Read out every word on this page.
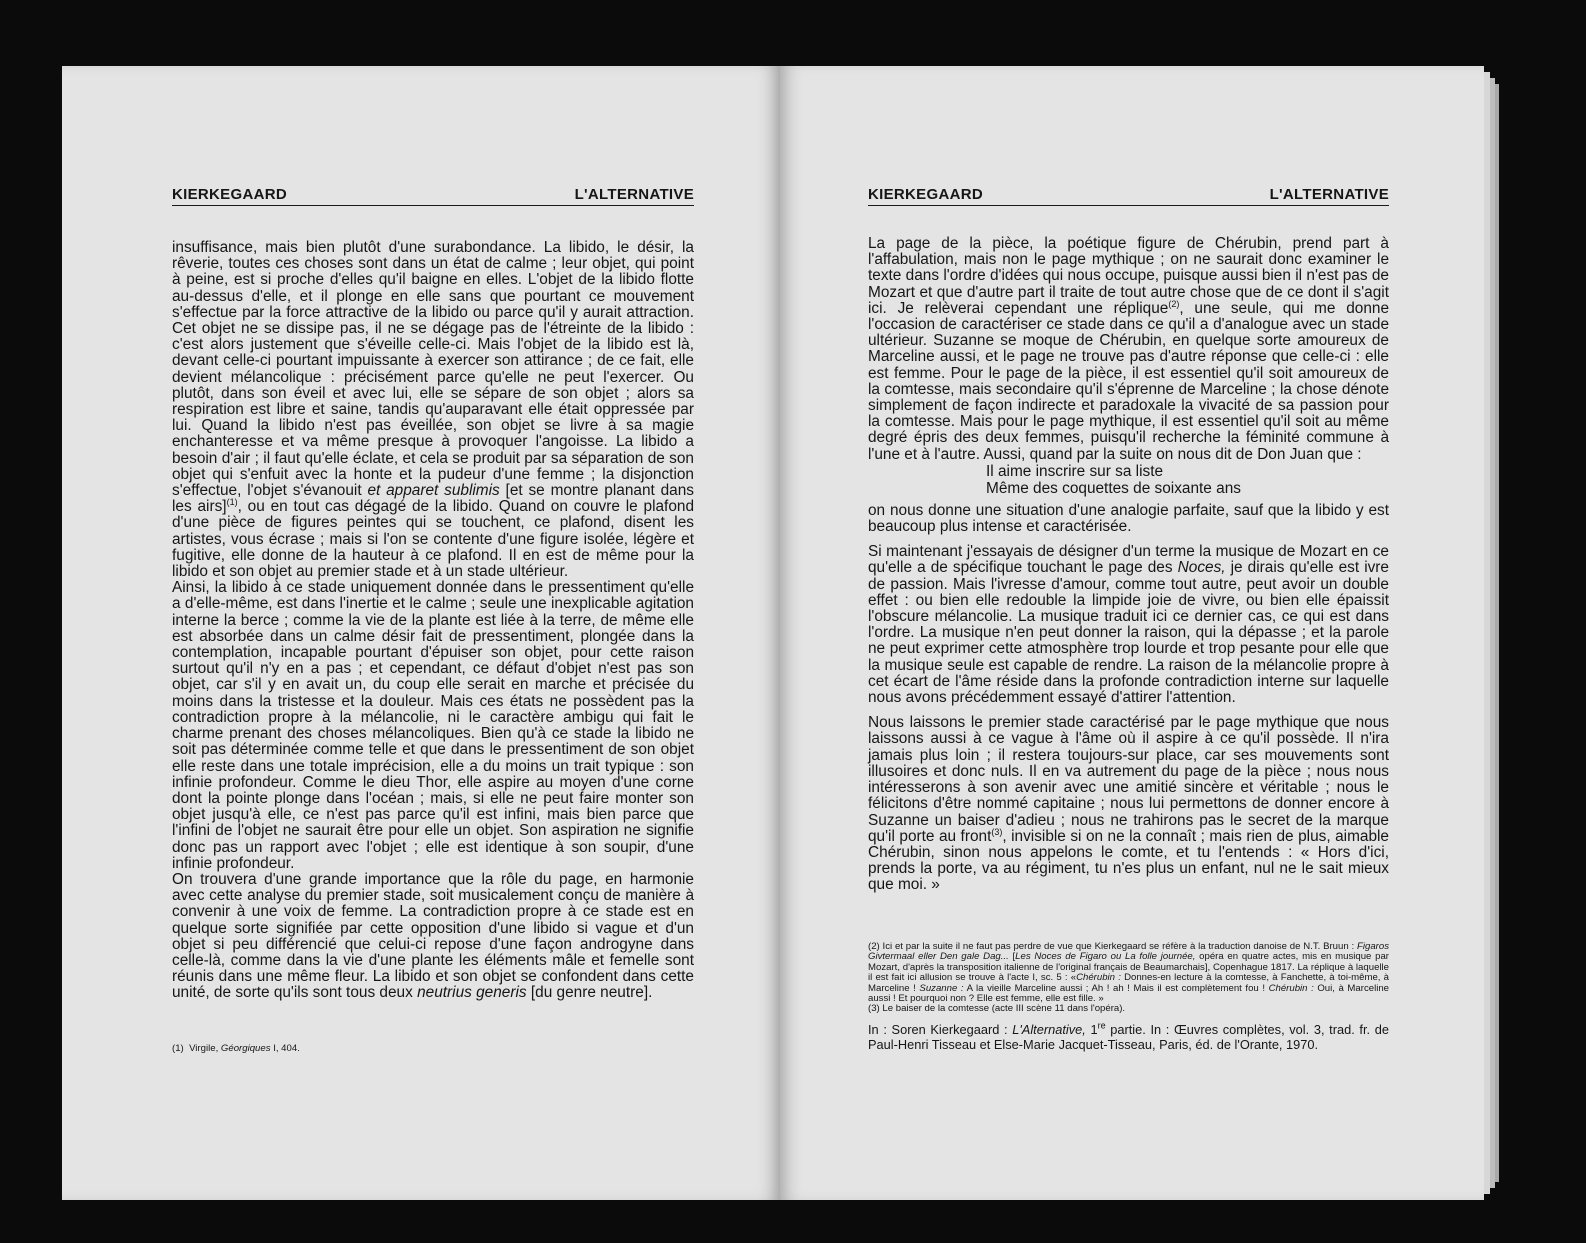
KIERKEGAARD	L'ALTERNATIVE

insuffisance, mais bien plutôt d'une surabondance. La libido, le désir, la rêverie, toutes ces choses sont dans un état de calme ; leur objet, qui point à peine, est si proche d'elles qu'il baigne en elles. L'objet de la libido flotte au-dessus d'elle, et il plonge en elle sans que pourtant ce mouvement s'effectue par la force attractive de la libido ou parce qu'il y aurait attraction. Cet objet ne se dissipe pas, il ne se dégage pas de l'étreinte de la libido : c'est alors justement que s'éveille celle-ci. Mais l'objet de la libido est là, devant celle-ci pourtant impuissante à exercer son attirance ; de ce fait, elle devient mélancolique : précisément parce qu'elle ne peut l'exercer. Ou plutôt, dans son éveil et avec lui, elle se sépare de son objet ; alors sa respiration est libre et saine, tandis qu'auparavant elle était oppressée par lui. Quand la libido n'est pas éveillée, son objet se livre à sa magie enchanteresse et va même presque à provoquer l'angoisse. La libido a besoin d'air ; il faut qu'elle éclate, et cela se produit par sa séparation de son objet qui s'enfuit avec la honte et la pudeur d'une femme ; la disjonction s'effectue, l'objet s'évanouit et apparet sublimis [et se montre planant dans les airs]$^{(1)}$, ou en tout cas dégagé de la libido. Quand on couvre le plafond d'une pièce de figures peintes qui se touchent, ce plafond, disent les artistes, vous écrase ; mais si l'on se contente d'une figure isolée, légère et fugitive, elle donne de la hauteur à ce plafond. Il en est de même pour la libido et son objet au premier stade et à un stade ultérieur.

Ainsi, la libido à ce stade uniquement donnée dans le pressentiment qu'elle a d'elle-même, est dans l'inertie et le calme ; seule une inexplicable agitation interne la berce ; comme la vie de la plante est liée à la terre, de même elle est absorbée dans un calme désir fait de pressentiment, plongée dans la contemplation, incapable pourtant d'épuiser son objet, pour cette raison surtout qu'il n'y en a pas ; et cependant, ce défaut d'objet n'est pas son objet, car s'il y en avait un, du coup elle serait en marche et précisée du moins dans la tristesse et la douleur. Mais ces états ne possèdent pas la contradiction propre à la mélancolie, ni le caractère ambigu qui fait le charme prenant des choses mélancoliques. Bien qu'à ce stade la libido ne soit pas déterminée comme telle et que dans le pressentiment de son objet elle reste dans une totale imprécision, elle a du moins un trait typique : son infinie profondeur. Comme le dieu Thor, elle aspire au moyen d'une corne dont la pointe plonge dans l'océan ; mais, si elle ne peut faire monter son objet jusqu'à elle, ce n'est pas parce qu'il est infini, mais bien parce que l'infini de l'objet ne saurait être pour elle un objet. Son aspiration ne signifie donc pas un rapport avec l'objet ; elle est identique à son soupir, d'une infinie profondeur.

On trouvera d'une grande importance que la rôle du page, en harmonie avec cette analyse du premier stade, soit musicalement conçu de manière à convenir à une voix de femme. La contradiction propre à ce stade est en quelque sorte signifiée par cette opposition d'une libido si vague et d'un objet si peu différencié que celui-ci repose d'une façon androgyne dans celle-là, comme dans la vie d'une plante les éléments mâle et femelle sont réunis dans une même fleur. La libido et son objet se confondent dans cette unité, de sorte qu'ils sont tous deux neutrius generis [du genre neutre].

(1) Virgile, Géorgiques I, 404.
KIERKEGAARD	L'ALTERNATIVE

La page de la pièce, la poétique figure de Chérubin, prend part à l'affabulation, mais non le page mythique ; on ne saurait donc examiner le texte dans l'ordre d'idées qui nous occupe, puisque aussi bien il n'est pas de Mozart et que d'autre part il traite de tout autre chose que de ce dont il s'agit ici. Je relèverai cependant une réplique$^{(2)}$, une seule, qui me donne l'occasion de caractériser ce stade dans ce qu'il a d'analogue avec un stade ultérieur. Suzanne se moque de Chérubin, en quelque sorte amoureux de Marceline aussi, et le page ne trouve pas d'autre réponse que celle-ci : elle est femme. Pour le page de la pièce, il est essentiel qu'il soit amoureux de la comtesse, mais secondaire qu'il s'éprenne de Marceline ; la chose dénote simplement de façon indirecte et paradoxale la vivacité de sa passion pour la comtesse. Mais pour le page mythique, il est essentiel qu'il soit au même degré épris des deux femmes, puisqu'il recherche la féminité commune à l'une et à l'autre. Aussi, quand par la suite on nous dit de Don Juan que :

Il aime inscrire sur sa liste
Même des coquettes de soixante ans

on nous donne une situation d'une analogie parfaite, sauf que la libido y est beaucoup plus intense et caractérisée.

Si maintenant j'essayais de désigner d'un terme la musique de Mozart en ce qu'elle a de spécifique touchant le page des Noces, je dirais qu'elle est ivre de passion. Mais l'ivresse d'amour, comme tout autre, peut avoir un double effet : ou bien elle redouble la limpide joie de vivre, ou bien elle épaissit l'obscure mélancolie. La musique traduit ici ce dernier cas, ce qui est dans l'ordre. La musique n'en peut donner la raison, qui la dépasse ; et la parole ne peut exprimer cette atmosphère trop lourde et trop pesante pour elle que la musique seule est capable de rendre. La raison de la mélancolie propre à cet écart de l'âme réside dans la profonde contradiction interne sur laquelle nous avons précédemment essayé d'attirer l'attention.

Nous laissons le premier stade caractérisé par le page mythique que nous laissons aussi à ce vague à l'âme où il aspire à ce qu'il possède. Il n'ira jamais plus loin ; il restera toujours-sur place, car ses mouvements sont illusoires et donc nuls. Il en va autrement du page de la pièce ; nous nous intéresserons à son avenir avec une amitié sincère et véritable ; nous le félicitons d'être nommé capitaine ; nous lui permettons de donner encore à Suzanne un baiser d'adieu ; nous ne trahirons pas le secret de la marque qu'il porte au front$^{(3)}$, invisible si on ne la connaît ; mais rien de plus, aimable Chérubin, sinon nous appelons le comte, et tu l'entends : « Hors d'ici, prends la porte, va au régiment, tu n'es plus un enfant, nul ne le sait mieux que moi. »

(2) Ici et par la suite il ne faut pas perdre de vue que Kierkegaard se réfère à la traduction danoise de N.T. Bruun : Figaros Givtermaal eller Den gale Dag... [Les Noces de Figaro ou La folle journée, opéra en quatre actes, mis en musique par Mozart, d'après la transposition italienne de l'original français de Beaumarchais], Copenhague 1817. La réplique à laquelle il est fait ici allusion se trouve à l'acte I, sc. 5 : «Chérubin : Donnes-en lecture à la comtesse, à Fanchette, à toi-même, à Marceline ! Suzanne : A la vieille Marceline aussi ; Ah ! ah ! Mais il est complètement fou ! Chérubin : Oui, à Marceline aussi ! Et pourquoi non ? Elle est femme, elle est fille. »

(3) Le baiser de la comtesse (acte III scène 11 dans l'opéra).

In : Soren Kierkegaard : L'Alternative, 1re partie. In : Œuvres complètes, vol. 3, trad. fr. de Paul-Henri Tisseau et Else-Marie Jacquet-Tisseau, Paris, éd. de l'Orante, 1970.
